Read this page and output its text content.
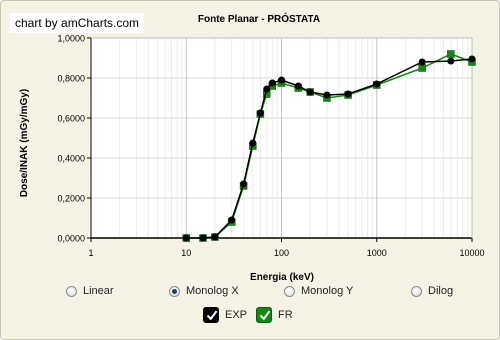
Fonte Planar - PRÓSTATA
Energia (keV)
Dose/INAK (mGy/mGy)
0,0000
0,2000
0,4000
0,6000
0,8000
1,0000
1	10	100	1000	10000
chart by amCharts.com
Linear	Monolog X	Monolog Y	Dilog
EXP	FR
